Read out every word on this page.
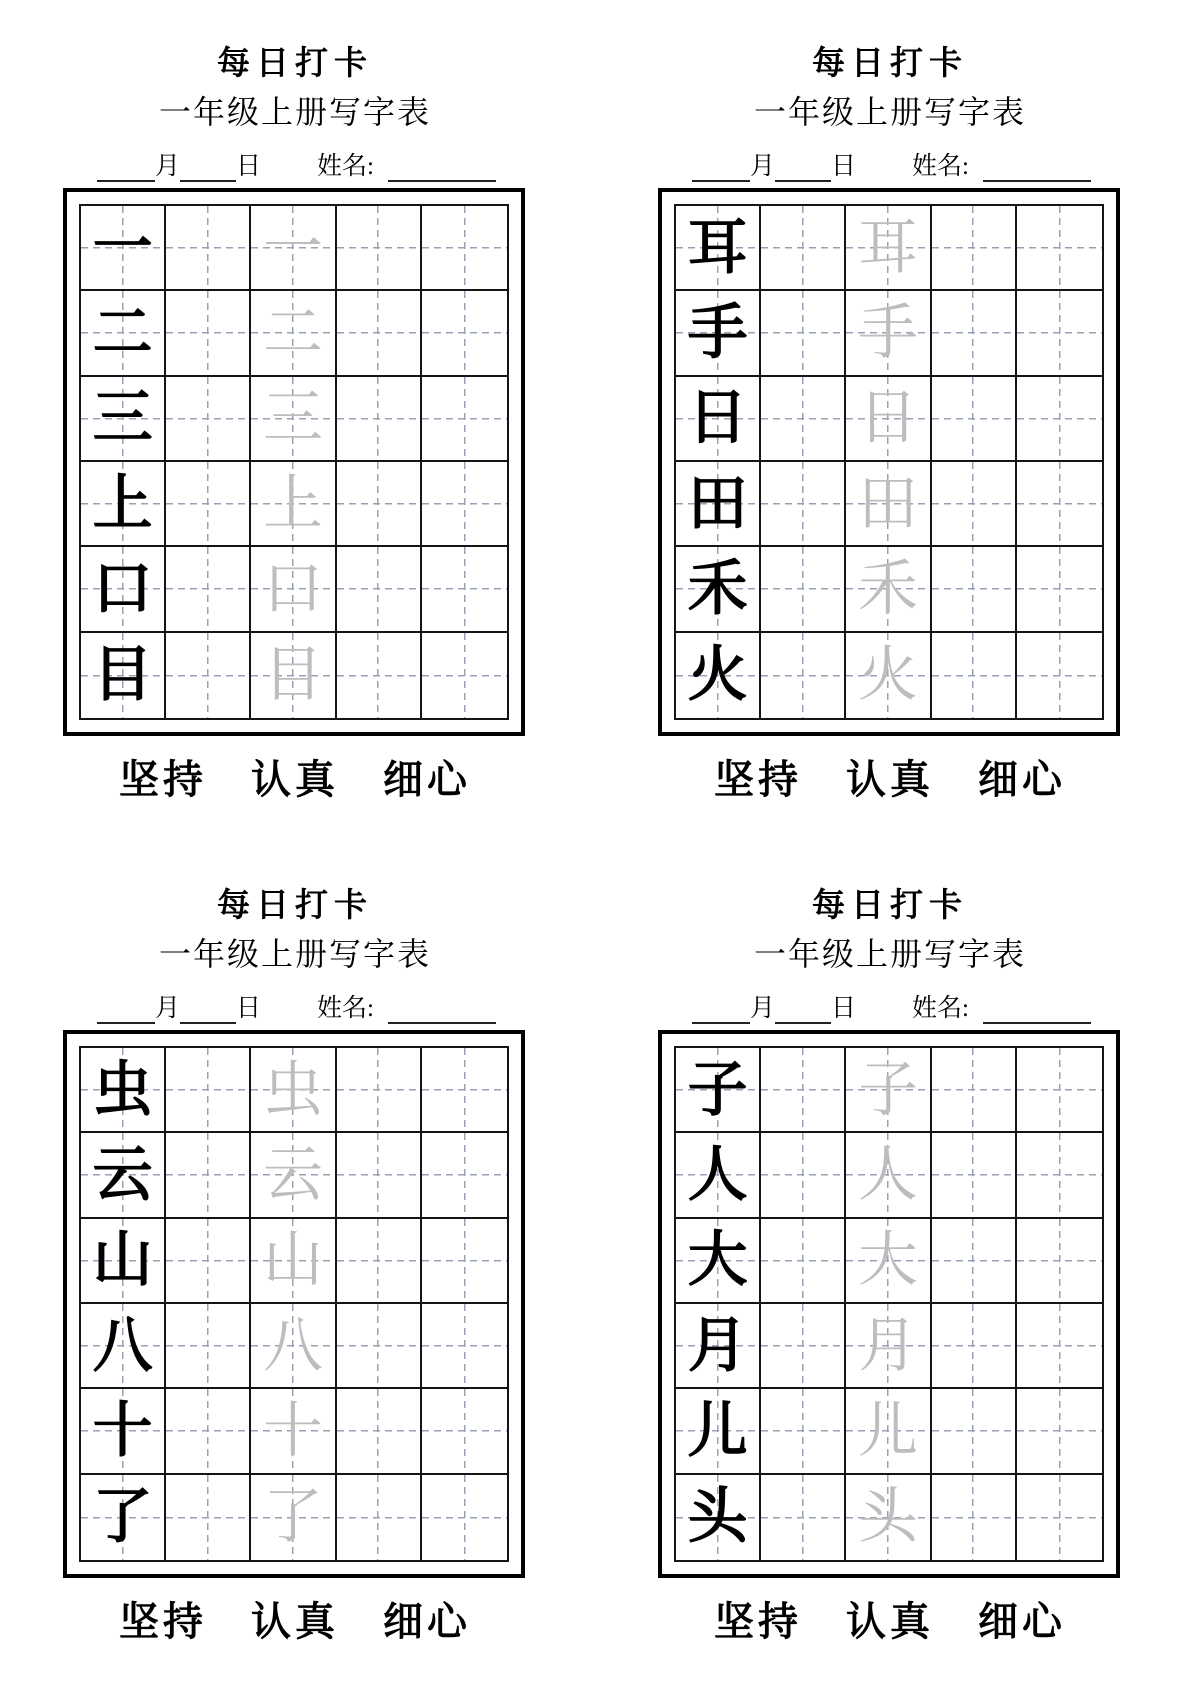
每日打卡
一年级上册写字表
月 日 姓名:
一 一
二 二
三 三
上 上
口 口
目 目
坚持 认真 细心
每日打卡
一年级上册写字表
月 日 姓名:
耳 耳
手 手
日 日
田 田
禾 禾
火 火
坚持 认真 细心
每日打卡
一年级上册写字表
月 日 姓名:
虫 虫
云 云
山 山
八 八
十 十
了 了
坚持 认真 细心
每日打卡
一年级上册写字表
月 日 姓名:
子 子
人 人
大 大
月 月
儿 儿
头 头
坚持 认真 细心
